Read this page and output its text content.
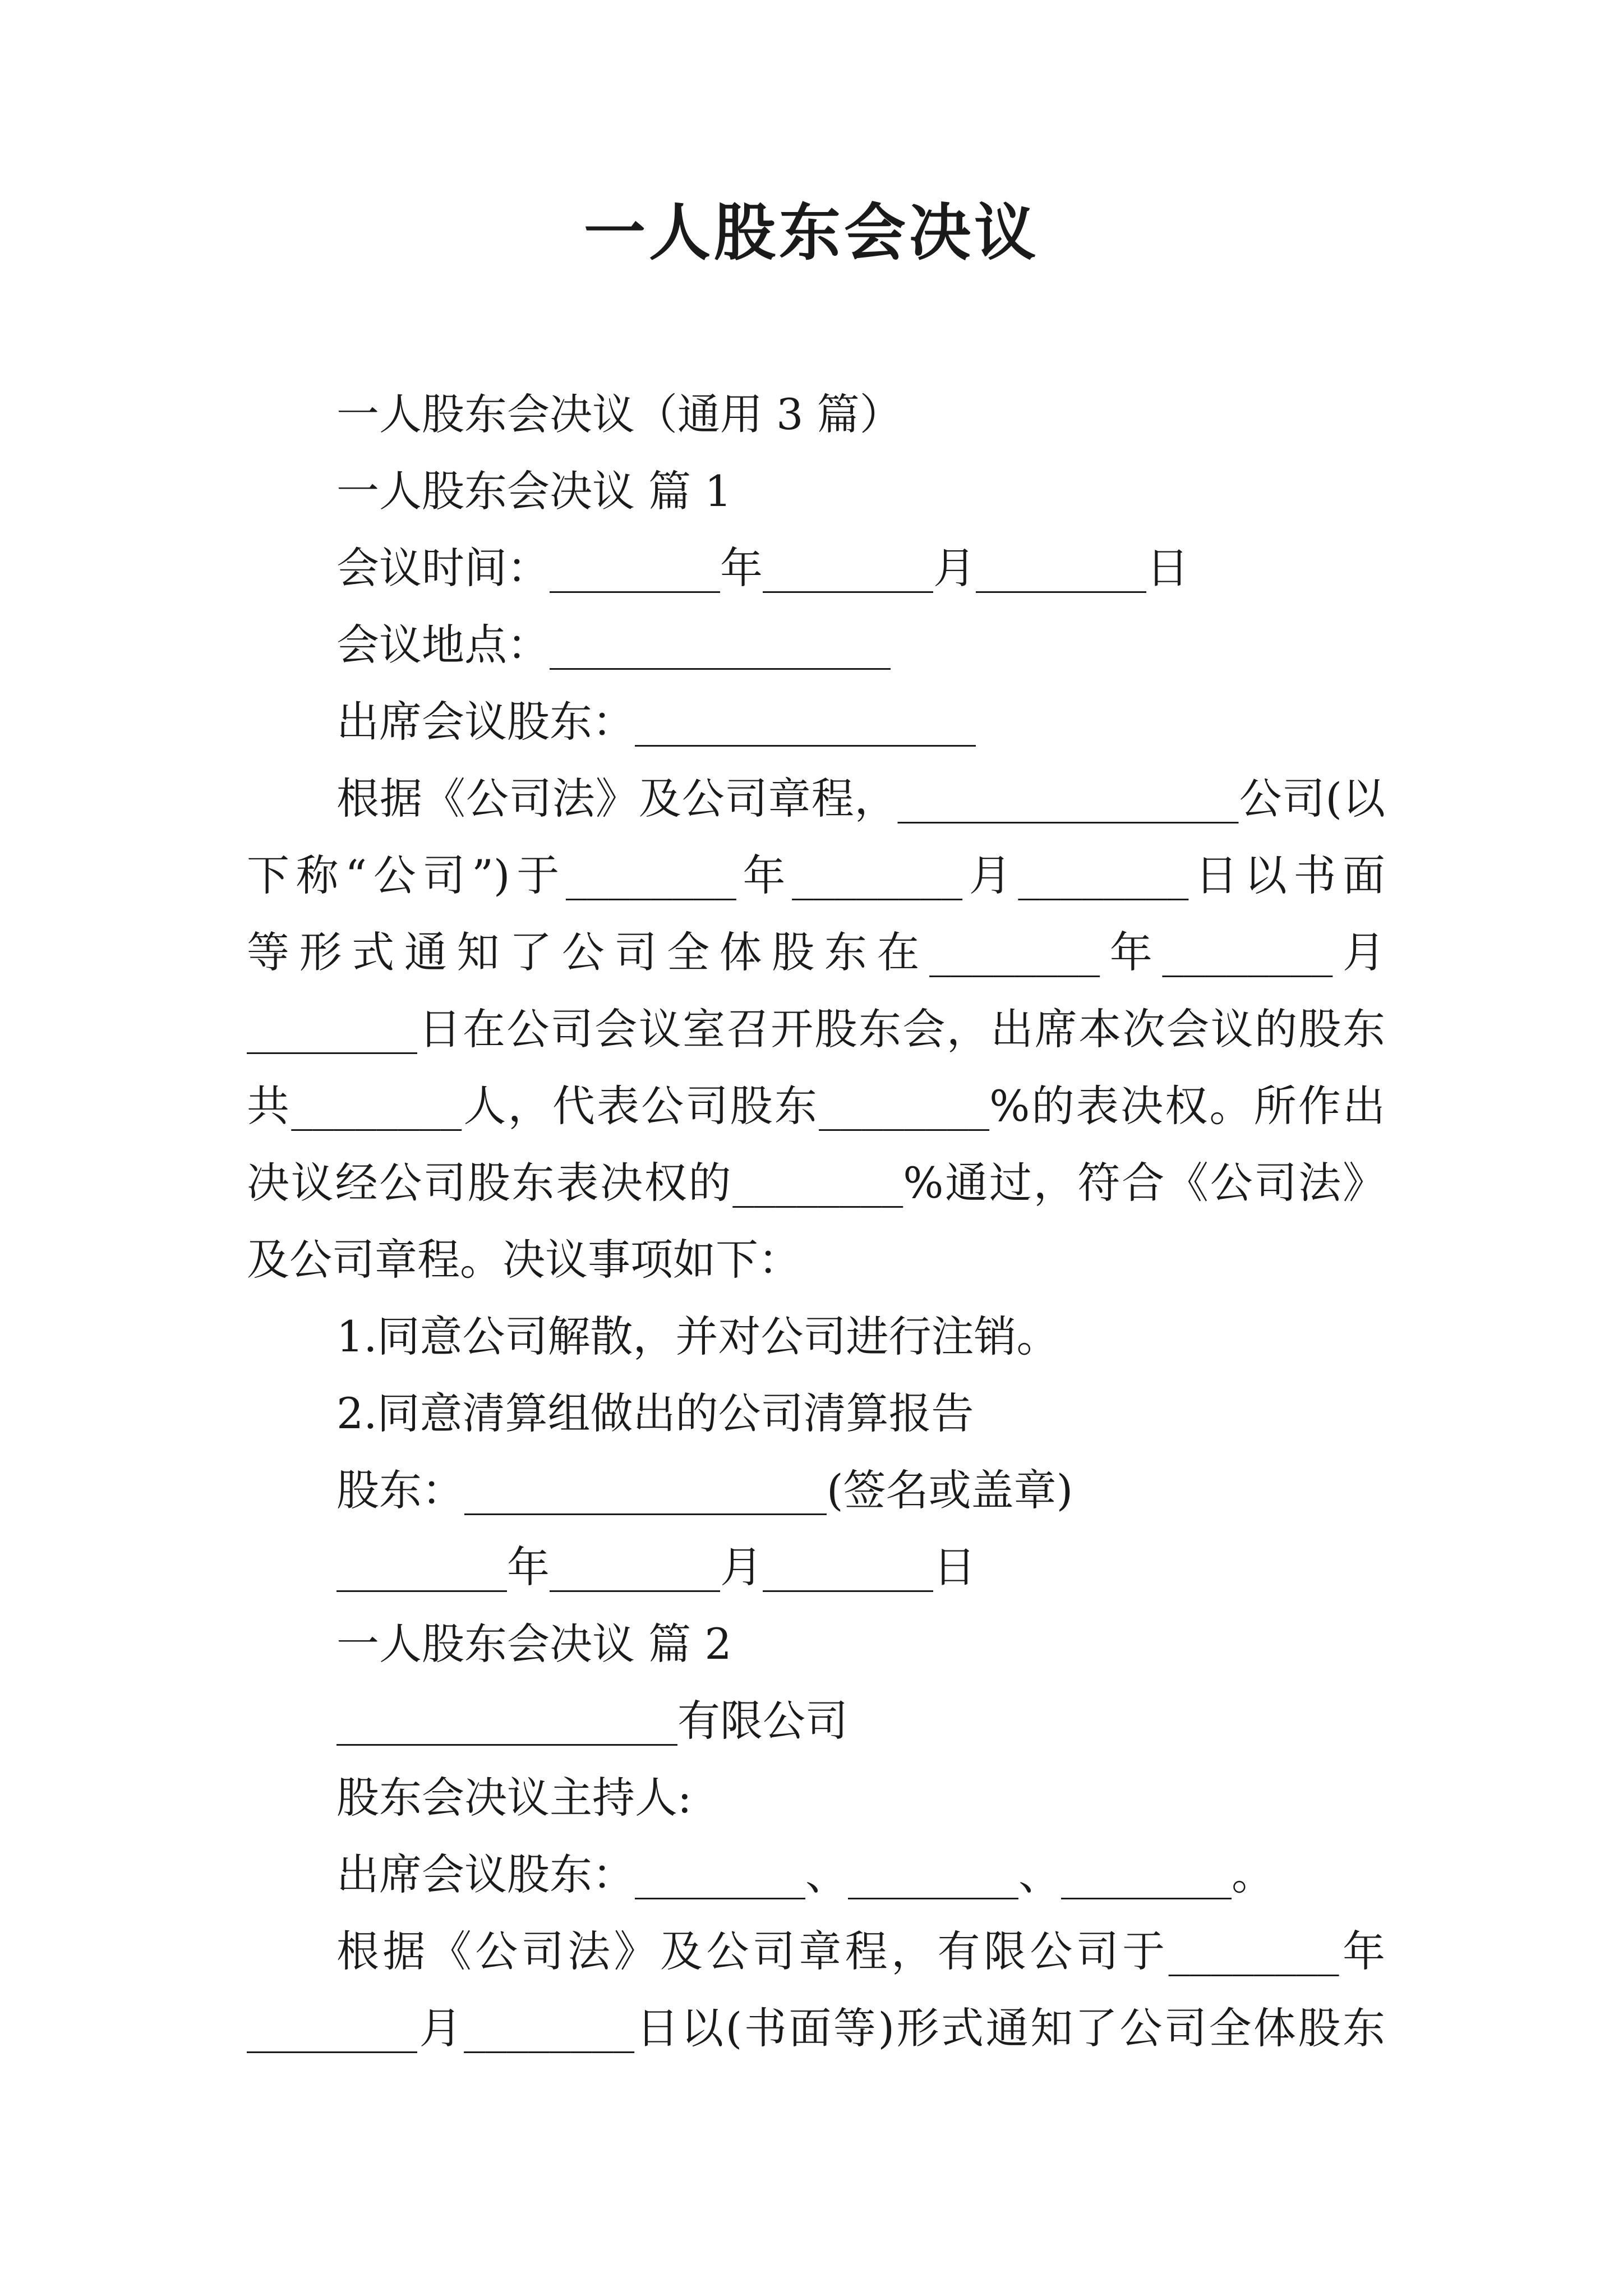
一人股东会决议

一人股东会决议（通用 3 篇）

一人股东会决议 篇 1

会议时间：________年________月________日

会议地点：________________

出席会议股东：________________

根据《公司法》及公司章程，________________公司(以

下称“公司”)于________年________月________日以书面

等形式通知了公司全体股东在________年________月

________日在公司会议室召开股东会，出席本次会议的股东

共________人，代表公司股东________%的表决权。所作出

决议经公司股东表决权的________%通过，符合《公司法》

及公司章程。决议事项如下：

1.同意公司解散，并对公司进行注销。

2.同意清算组做出的公司清算报告

股东：_________________(签名或盖章)

________年________月________日

一人股东会决议 篇 2

________________有限公司

股东会决议主持人:

出席会议股东：________、________、________。

根据《公司法》及公司章程，有限公司于________年

________月________日以(书面等)形式通知了公司全体股东
